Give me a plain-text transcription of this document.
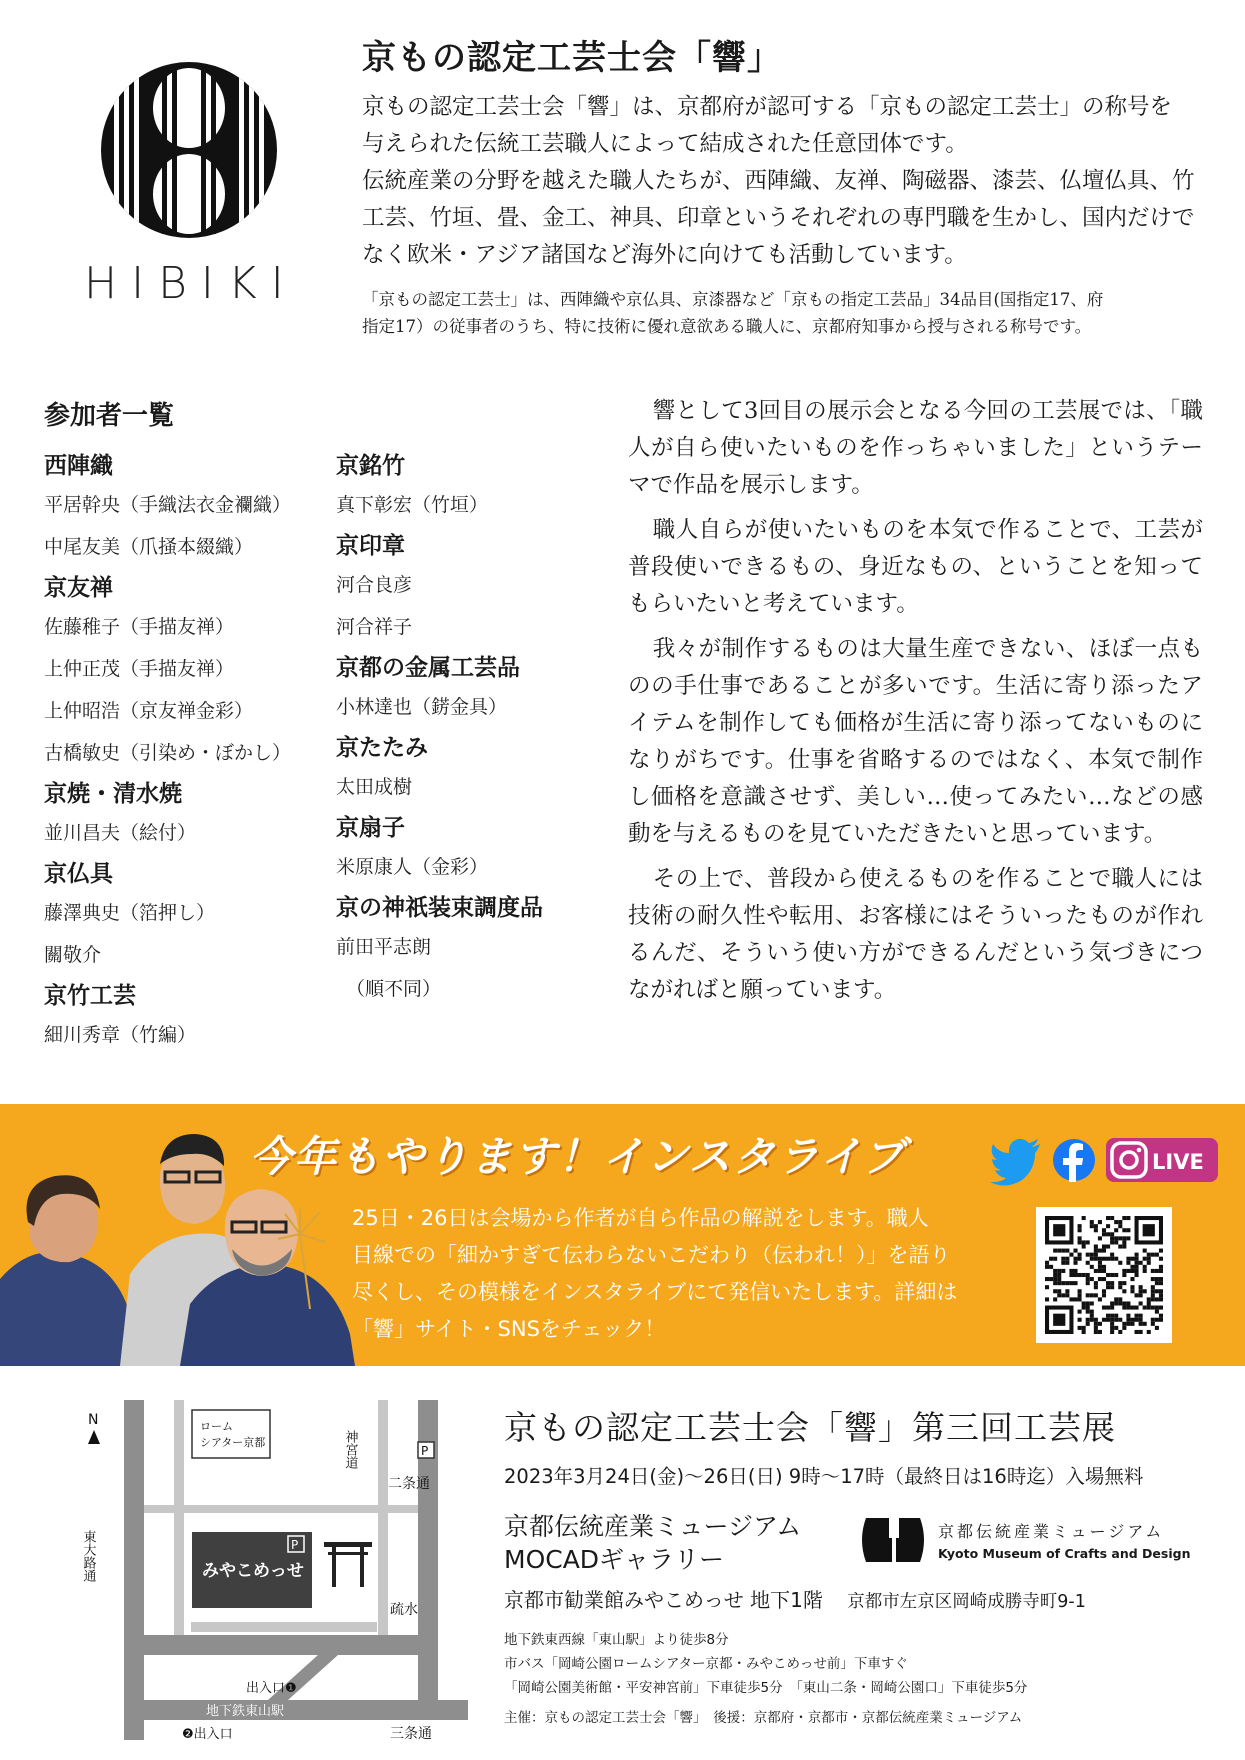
HIBIKI
京もの認定工芸士会「響」

京もの認定工芸士会「響」は、京都府が認可する「京もの認定工芸士」の称号を
与えられた伝統工芸職人によって結成された任意団体です。
伝統産業の分野を越えた職人たちが、西陣織、友禅、陶磁器、漆芸、仏壇仏具、竹
工芸、竹垣、畳、金工、神具、印章というそれぞれの専門職を生かし、国内だけで
なく欧米・アジア諸国など海外に向けても活動しています。

「京もの認定工芸士」は、西陣織や京仏具、京漆器など「京もの指定工芸品」34品目(国指定17、府
指定17）の従事者のうち、特に技術に優れ意欲ある職人に、京都府知事から授与される称号です。

参加者一覧
西陣織
平居幹央（手織法衣金襴織）
中尾友美（爪掻本綴織）
京友禅
佐藤稚子（手描友禅）
上仲正茂（手描友禅）
上仲昭浩（京友禅金彩）
古橋敏史（引染め・ぼかし）
京焼・清水焼
並川昌夫（絵付）
京仏具
藤澤典史（箔押し）
關敬介
京竹工芸
細川秀章（竹編）
京銘竹
真下彰宏（竹垣）
京印章
河合良彦
河合祥子
京都の金属工芸品
小林達也（錺金具）
京たたみ
太田成樹
京扇子
米原康人（金彩）
京の神祇装束調度品
前田平志朗
（順不同）

響として3回目の展示会となる今回の工芸展では、「職人が自ら使いたいものを作っちゃいました」というテーマで作品を展示します。

職人自らが使いたいものを本気で作ることで、工芸が普段使いできるもの、身近なもの、ということを知ってもらいたいと考えています。

我々が制作するものは大量生産できない、ほぼ一点ものの手仕事であることが多いです。生活に寄り添ったアイテムを制作しても価格が生活に寄り添ってないものになりがちです。仕事を省略するのではなく、本気で制作し価格を意識させず、美しい…使ってみたい…などの感動を与えるものを見ていただきたいと思っています。

その上で、普段から使えるものを作ることで職人には技術の耐久性や転用、お客様にはそういったものが作れるんだ、そういう使い方ができるんだという気づきにつながればと願っています。

今年もやります！インスタライブ	LIVE
25日・26日は会場から作者が自ら作品の解説をします。職人
目線での「細かすぎて伝わらないこだわり（伝われ！）」を語り
尽くし、その模様をインスタライブにて発信いたします。詳細は
「響」サイト・SNSをチェック！
ローム
シアター京都
みやこめっせ
P
P
N
東大路通
神宮道
二条通
疏水
出入口❶
地下鉄東山駅
❷出入口	三条通
京もの認定工芸士会「響」第三回工芸展
2023年3月24日(金)～26日(日) 9時～17時（最終日は16時迄）入場無料
京都伝統産業ミュージアム
MOCADギャラリー
京都市勧業館みやこめっせ 地下1階 京都市左京区岡崎成勝寺町9-1
京都伝統産業ミュージアム
Kyoto Museum of Crafts and Design
地下鉄東西線「東山駅」より徒歩8分
市バス「岡崎公園ロームシアター京都・みやこめっせ前」下車すぐ
「岡崎公園美術館・平安神宮前」下車徒歩5分　「東山二条・岡崎公園口」下車徒歩5分
主催：京もの認定工芸士会「響」　後援：京都府・京都市・京都伝統産業ミュージアム
